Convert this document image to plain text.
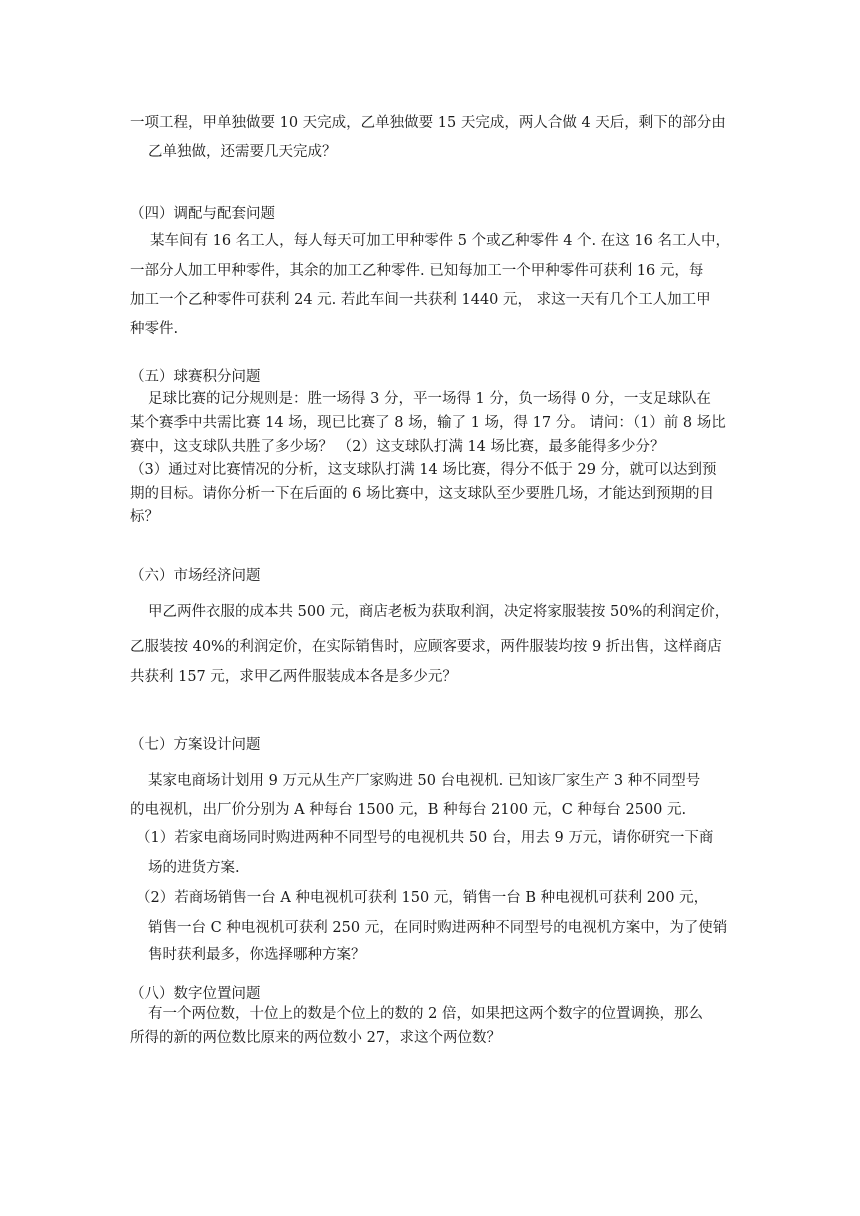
一项工程，甲单独做要 10 天完成，乙单独做要 15 天完成，两人合做 4 天后，剩下的部分由

乙单独做，还需要几天完成？

（四）调配与配套问题

某车间有 16 名工人，每人每天可加工甲种零件 5 个或乙种零件 4 个. 在这 16 名工人中，

一部分人加工甲种零件，其余的加工乙种零件. 已知每加工一个甲种零件可获利 16 元，每

加工一个乙种零件可获利 24 元. 若此车间一共获利 1440 元， 求这一天有几个工人加工甲

种零件.

（五）球赛积分问题

足球比赛的记分规则是：胜一场得 3 分，平一场得 1 分，负一场得 0 分，一支足球队在

某个赛季中共需比赛 14 场，现已比赛了 8 场，输了 1 场，得 17 分。 请问：（1）前 8 场比

赛中，这支球队共胜了多少场？ （2）这支球队打满 14 场比赛，最多能得多少分？

（3）通过对比赛情况的分析，这支球队打满 14 场比赛，得分不低于 29 分，就可以达到预

期的目标。请你分析一下在后面的 6 场比赛中，这支球队至少要胜几场，才能达到预期的目

标？

（六）市场经济问题

甲乙两件衣服的成本共 500 元，商店老板为获取利润，决定将家服装按 50%的利润定价，

乙服装按 40%的利润定价，在实际销售时，应顾客要求，两件服装均按 9 折出售，这样商店

共获利 157 元，求甲乙两件服装成本各是多少元？

（七）方案设计问题

某家电商场计划用 9 万元从生产厂家购进 50 台电视机. 已知该厂家生产 3 种不同型号

的电视机，出厂价分别为 A 种每台 1500 元，B 种每台 2100 元，C 种每台 2500 元.

（1）若家电商场同时购进两种不同型号的电视机共 50 台，用去 9 万元，请你研究一下商

场的进货方案.

（2）若商场销售一台 A 种电视机可获利 150 元，销售一台 B 种电视机可获利 200 元，

销售一台 C 种电视机可获利 250 元，在同时购进两种不同型号的电视机方案中，为了使销

售时获利最多，你选择哪种方案？

（八）数字位置问题

有一个两位数，十位上的数是个位上的数的 2 倍，如果把这两个数字的位置调换，那么

所得的新的两位数比原来的两位数小 27，求这个两位数？
